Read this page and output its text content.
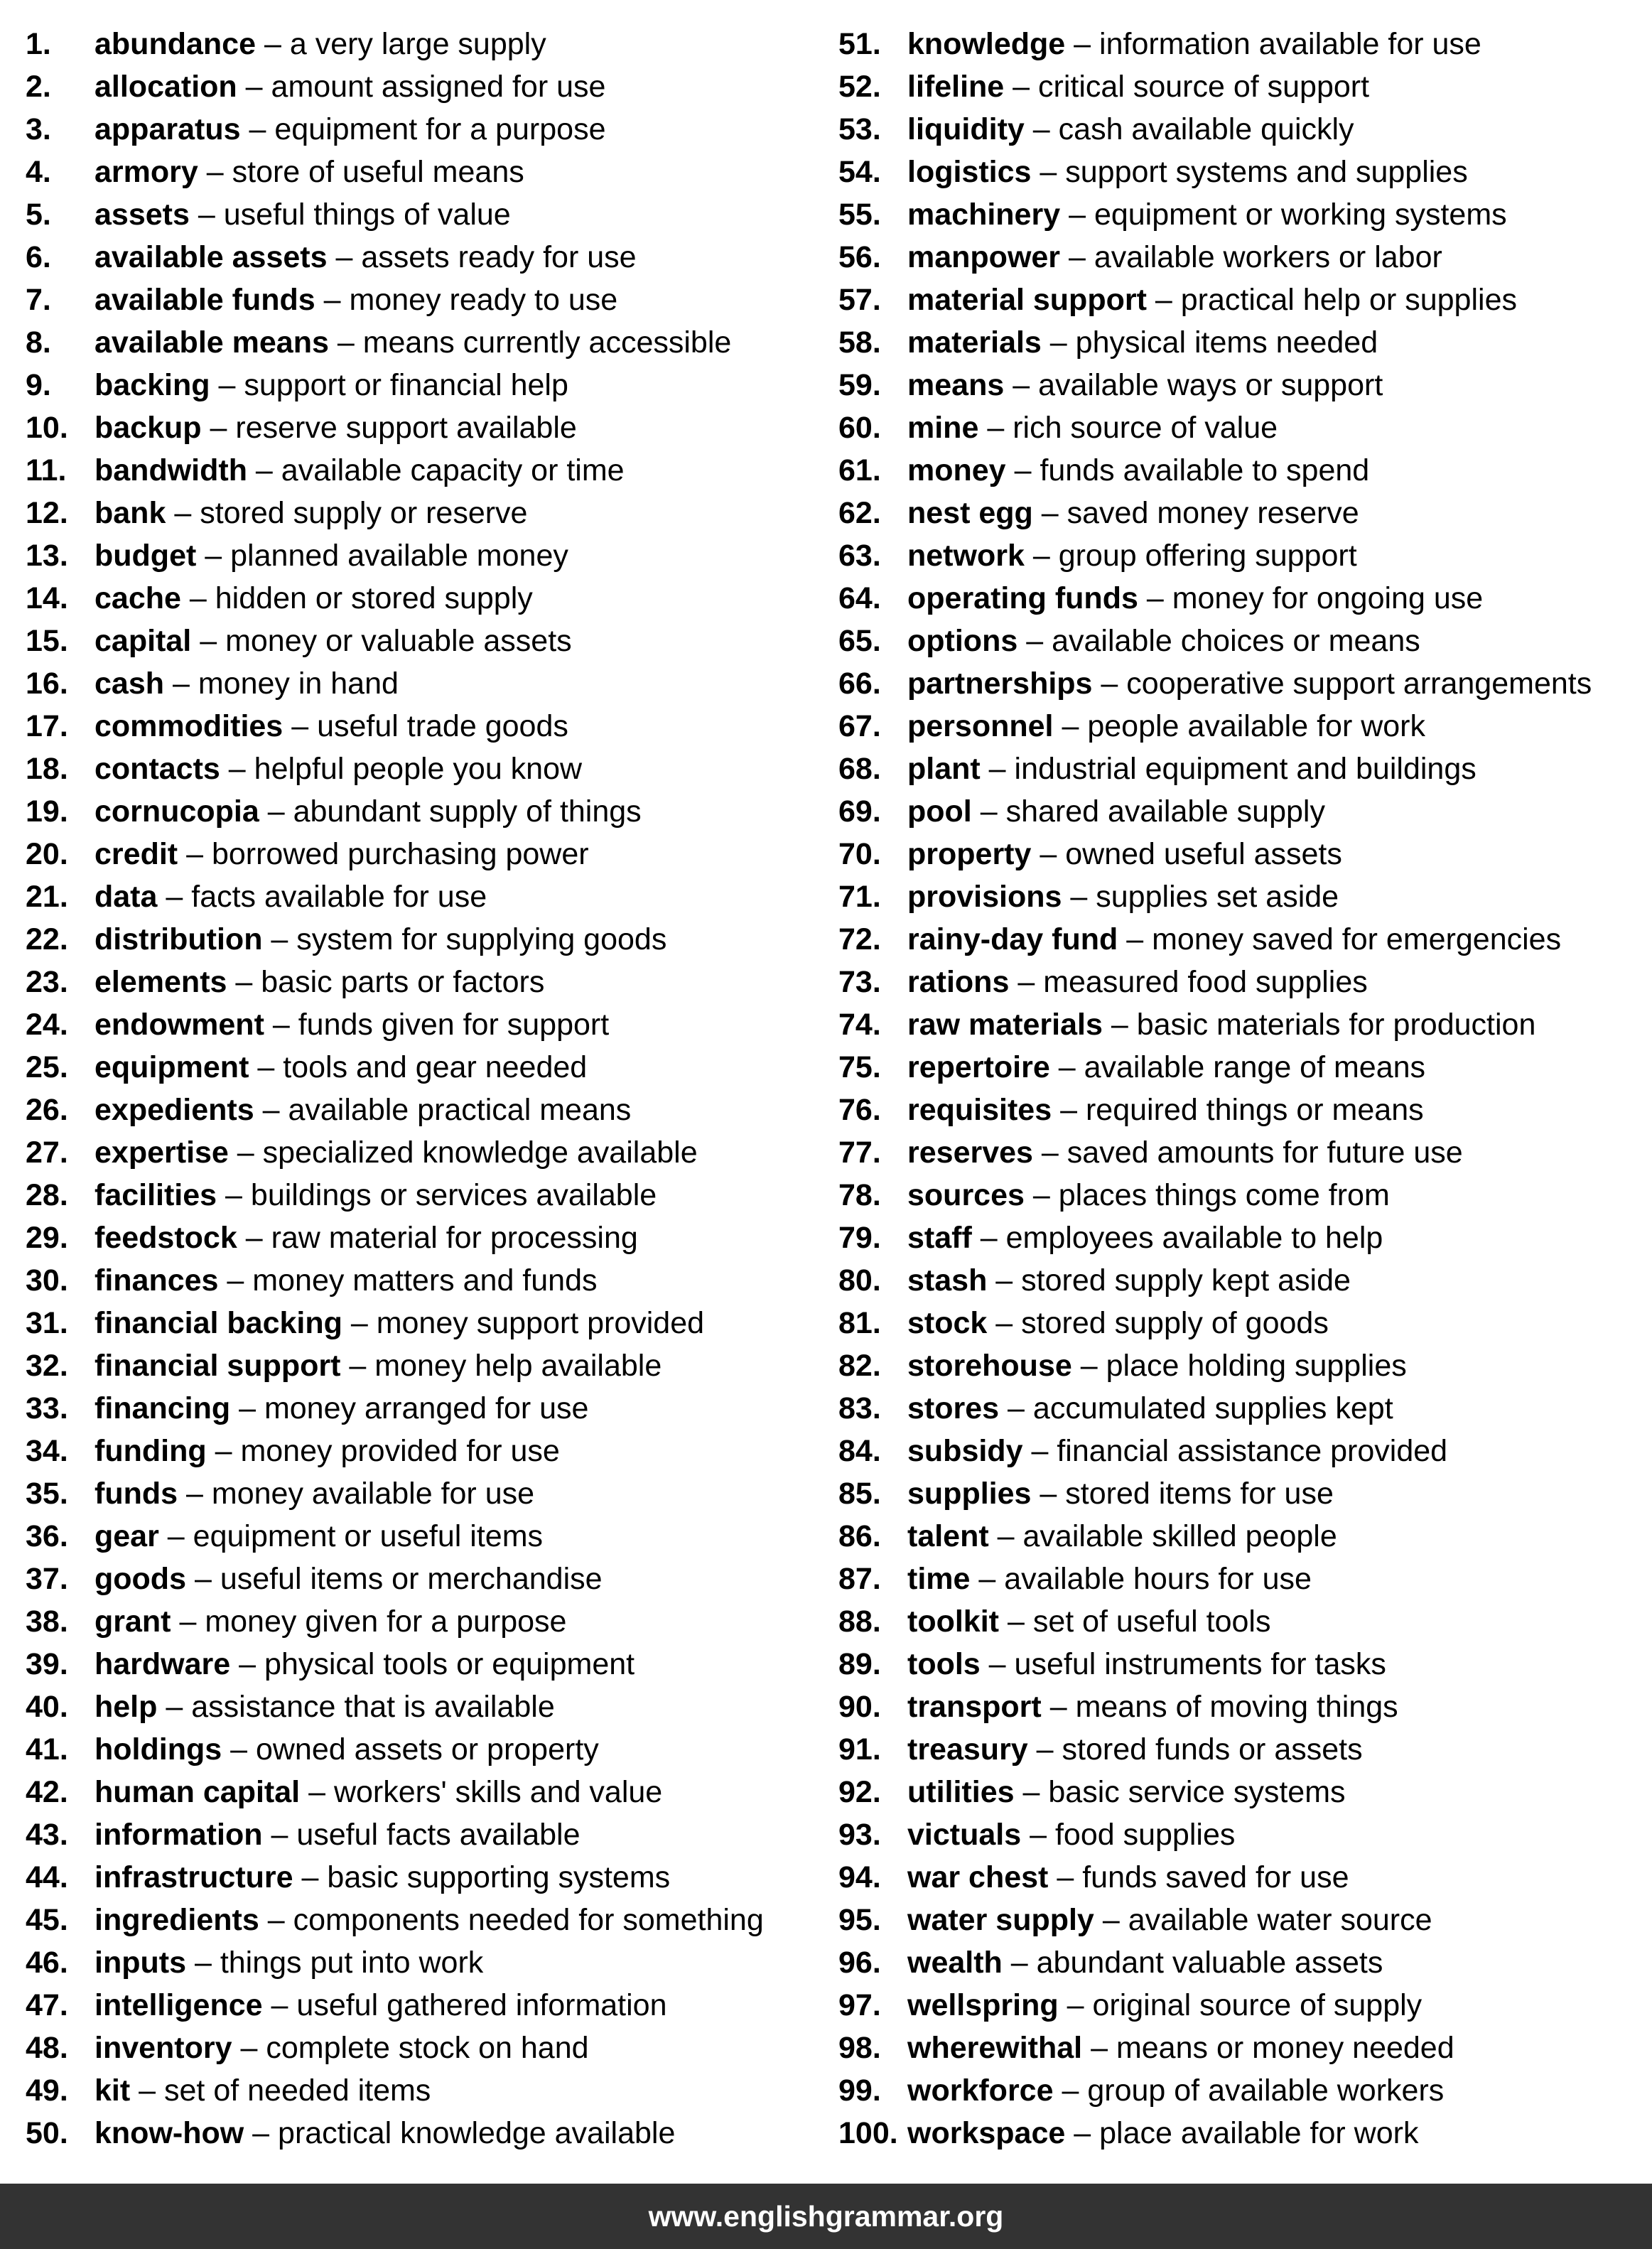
1. abundance – a very large supply
2. allocation – amount assigned for use
3. apparatus – equipment for a purpose
4. armory – store of useful means
5. assets – useful things of value
6. available assets – assets ready for use
7. available funds – money ready to use
8. available means – means currently accessible
9. backing – support or financial help
10. backup – reserve support available
11. bandwidth – available capacity or time
12. bank – stored supply or reserve
13. budget – planned available money
14. cache – hidden or stored supply
15. capital – money or valuable assets
16. cash – money in hand
17. commodities – useful trade goods
18. contacts – helpful people you know
19. cornucopia – abundant supply of things
20. credit – borrowed purchasing power
21. data – facts available for use
22. distribution – system for supplying goods
23. elements – basic parts or factors
24. endowment – funds given for support
25. equipment – tools and gear needed
26. expedients – available practical means
27. expertise – specialized knowledge available
28. facilities – buildings or services available
29. feedstock – raw material for processing
30. finances – money matters and funds
31. financial backing – money support provided
32. financial support – money help available
33. financing – money arranged for use
34. funding – money provided for use
35. funds – money available for use
36. gear – equipment or useful items
37. goods – useful items or merchandise
38. grant – money given for a purpose
39. hardware – physical tools or equipment
40. help – assistance that is available
41. holdings – owned assets or property
42. human capital – workers' skills and value
43. information – useful facts available
44. infrastructure – basic supporting systems
45. ingredients – components needed for something
46. inputs – things put into work
47. intelligence – useful gathered information
48. inventory – complete stock on hand
49. kit – set of needed items
50. know-how – practical knowledge available
51. knowledge – information available for use
52. lifeline – critical source of support
53. liquidity – cash available quickly
54. logistics – support systems and supplies
55. machinery – equipment or working systems
56. manpower – available workers or labor
57. material support – practical help or supplies
58. materials – physical items needed
59. means – available ways or support
60. mine – rich source of value
61. money – funds available to spend
62. nest egg – saved money reserve
63. network – group offering support
64. operating funds – money for ongoing use
65. options – available choices or means
66. partnerships – cooperative support arrangements
67. personnel – people available for work
68. plant – industrial equipment and buildings
69. pool – shared available supply
70. property – owned useful assets
71. provisions – supplies set aside
72. rainy-day fund – money saved for emergencies
73. rations – measured food supplies
74. raw materials – basic materials for production
75. repertoire – available range of means
76. requisites – required things or means
77. reserves – saved amounts for future use
78. sources – places things come from
79. staff – employees available to help
80. stash – stored supply kept aside
81. stock – stored supply of goods
82. storehouse – place holding supplies
83. stores – accumulated supplies kept
84. subsidy – financial assistance provided
85. supplies – stored items for use
86. talent – available skilled people
87. time – available hours for use
88. toolkit – set of useful tools
89. tools – useful instruments for tasks
90. transport – means of moving things
91. treasury – stored funds or assets
92. utilities – basic service systems
93. victuals – food supplies
94. war chest – funds saved for use
95. water supply – available water source
96. wealth – abundant valuable assets
97. wellspring – original source of supply
98. wherewithal – means or money needed
99. workforce – group of available workers
100. workspace – place available for work
www.englishgrammar.org
